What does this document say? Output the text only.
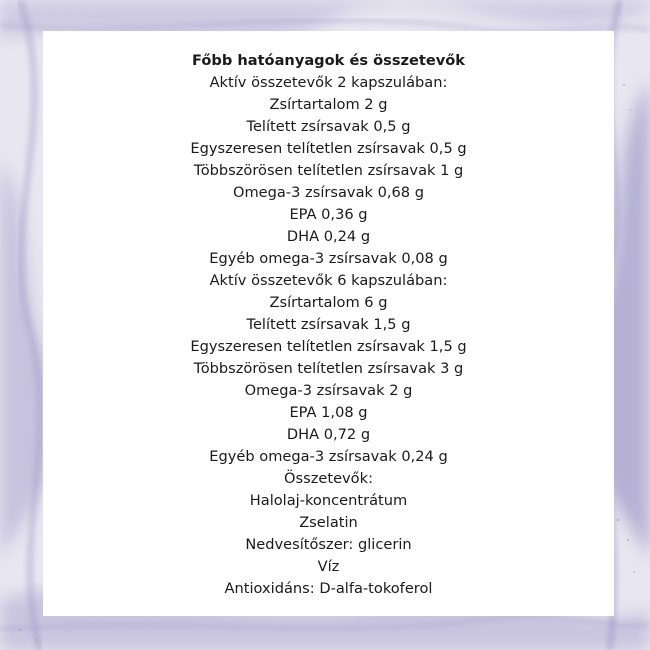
Főbb hatóanyagok és összetevők
Aktív összetevők 2 kapszulában:
Zsírtartalom 2 g
Telített zsírsavak 0,5 g
Egyszeresen telítetlen zsírsavak 0,5 g
Többszörösen telítetlen zsírsavak 1 g
Omega-3 zsírsavak 0,68 g
EPA 0,36 g
DHA 0,24 g
Egyéb omega-3 zsírsavak 0,08 g
Aktív összetevők 6 kapszulában:
Zsírtartalom 6 g
Telített zsírsavak 1,5 g
Egyszeresen telítetlen zsírsavak 1,5 g
Többszörösen telítetlen zsírsavak 3 g
Omega-3 zsírsavak 2 g
EPA 1,08 g
DHA 0,72 g
Egyéb omega-3 zsírsavak 0,24 g
Összetevők:
Halolaj-koncentrátum
Zselatin
Nedvesítőszer: glicerin
Víz
Antioxidáns: D-alfa-tokoferol
